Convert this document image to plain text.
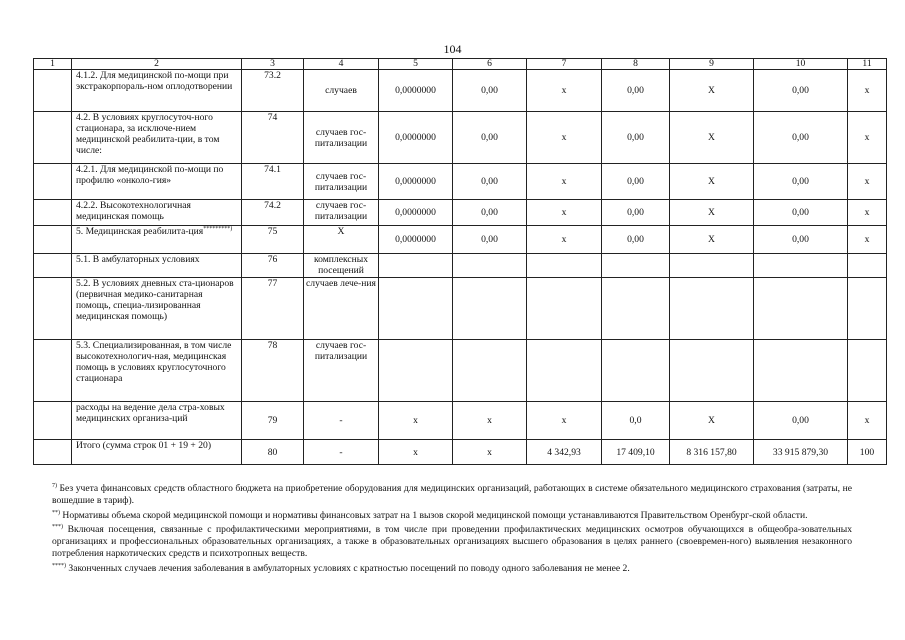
104
1	2	3	4	5	6	7	8	9	10	11
	4.1.2. Для медицинской по-мощи при экстракорпораль-ном оплодотворении	73.2	случаев	0,0000000	0,00	х	0,00	Х	0,00	х
	4.2. В условиях круглосуточ-ного стационара, за исключе-нием медицинской реабилита-ции, в том числе:	74	случаев гос-питализации	0,0000000	0,00	х	0,00	Х	0,00	х
	4.2.1. Для медицинской по-мощи по профилю «онколо-гия»	74.1	случаев гос-питализации	0,0000000	0,00	х	0,00	Х	0,00	х
	4.2.2. Высокотехнологичная медицинская помощь	74.2	случаев гос-питализации	0,0000000	0,00	х	0,00	Х	0,00	х
	5. Медицинская реабилита-ция*********)	75	Х	0,0000000	0,00	х	0,00	Х	0,00	х
	5.1. В амбулаторных условиях	76	комплексных посещений							
	5.2. В условиях дневных ста-ционаров (первичная медико-санитарная помощь, специа-лизированная медицинская помощь)	77	случаев лече-ния							
	5.3. Специализированная, в том числе высокотехнологич-ная, медицинская помощь в условиях круглосуточного стационара	78	случаев гос-питализации							
	расходы на ведение дела стра-ховых медицинских организа-ций	79	-	х	х	х	0,0	Х	0,00	х
	Итого (сумма строк 01 + 19 + 20)	80	-	х	х	4 342,93	17 409,10	8 316 157,80	33 915 879,30	100

$^{7)}$ Без учета финансовых средств областного бюджета на приобретение оборудования для медицинских организаций, работающих в системе обязательного медицинского страхования (затраты, не вошедшие в тариф).

**) Нормативы объема скорой медицинской помощи и нормативы финансовых затрат на 1 вызов скорой медицинской помощи устанавливаются Правительством Оренбург-ской области.

***) Включая посещения, связанные с профилактическими мероприятиями, в том числе при проведении профилактических медицинских осмотров обучающихся в общеобра-зовательных организациях и профессиональных образовательных организациях, а также в образовательных организациях высшего образования в целях раннего (своевремен-ного) выявления незаконного потребления наркотических средств и психотропных веществ.

****) Законченных случаев лечения заболевания в амбулаторных условиях с кратностью посещений по поводу одного заболевания не менее 2.
